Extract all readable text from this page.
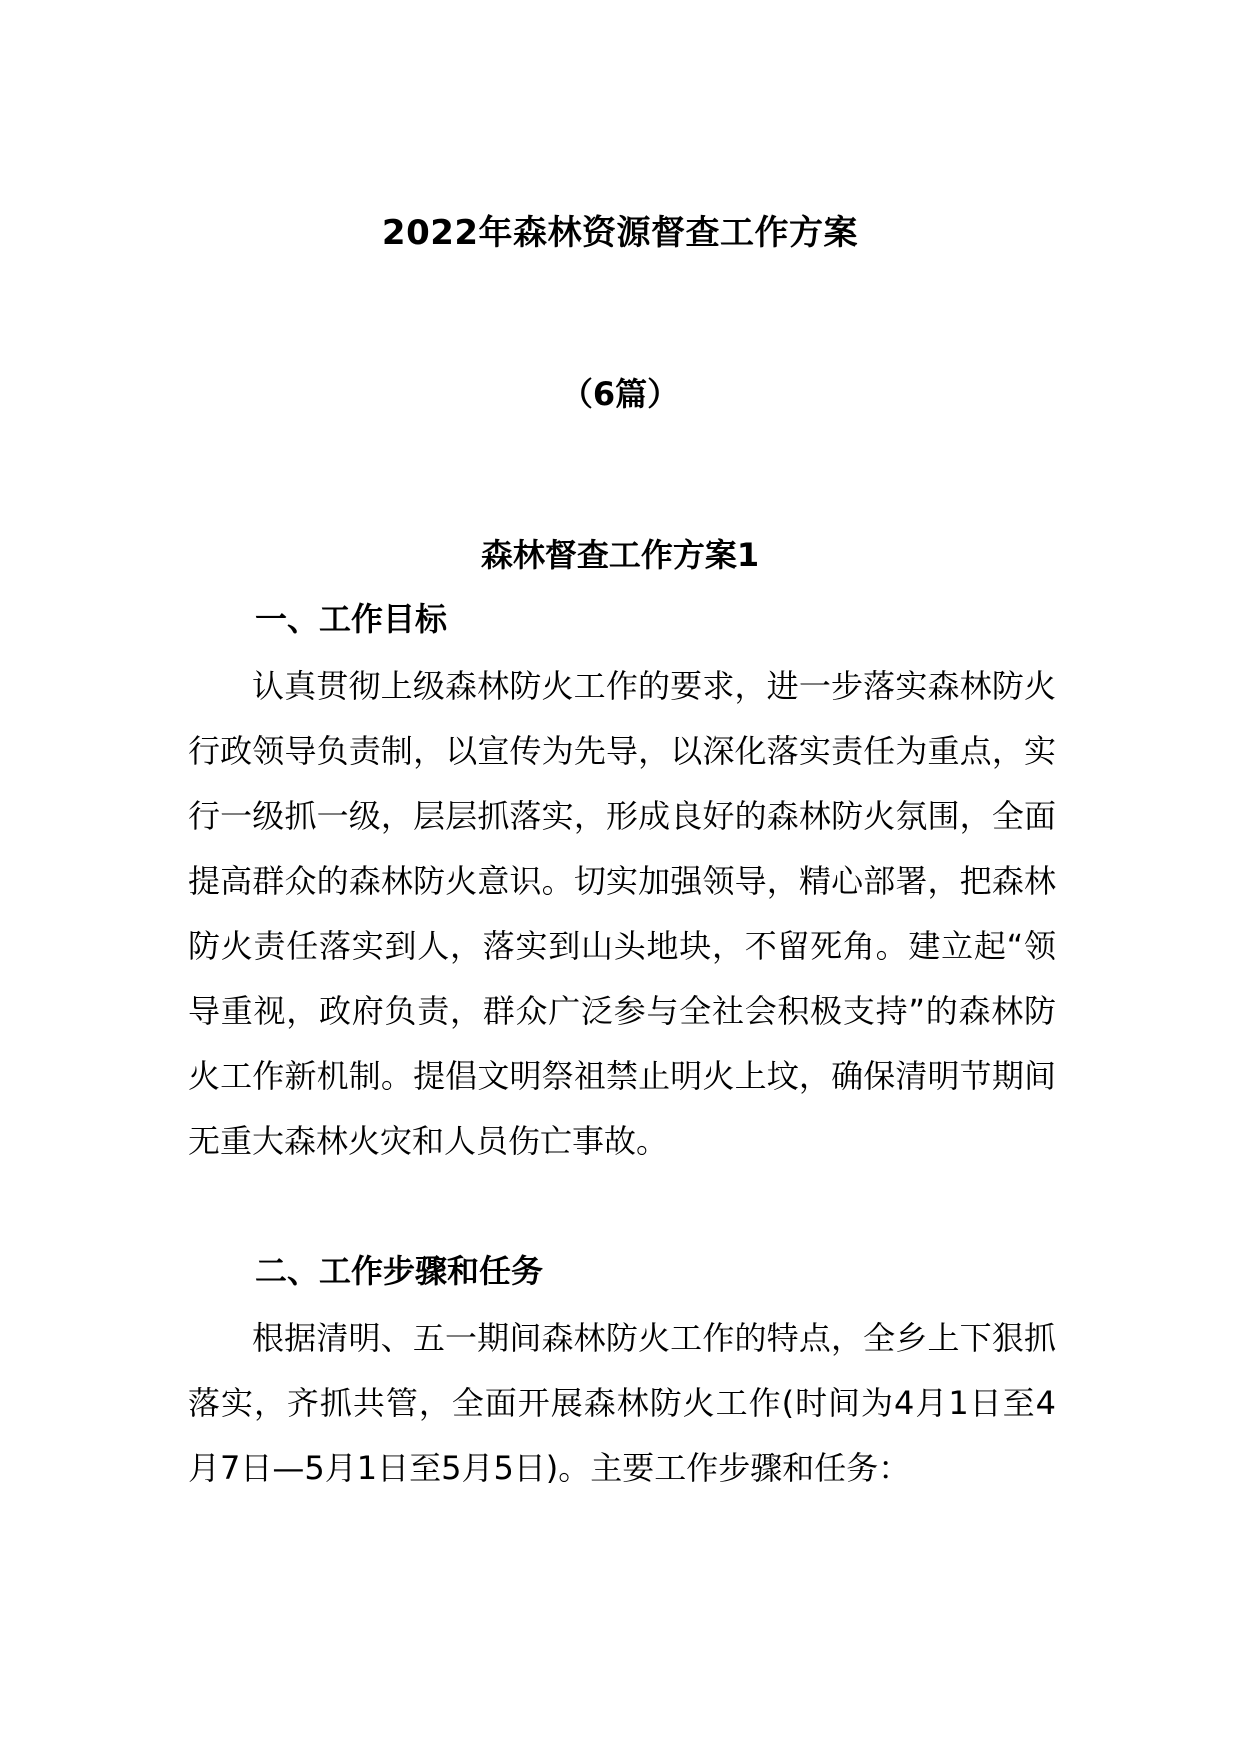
2022年森林资源督查工作方案
（6篇）
森林督查工作方案1
一、工作目标

认真贯彻上级森林防火工作的要求，进一步落实森林防火行政领导负责制，以宣传为先导，以深化落实责任为重点，实行一级抓一级，层层抓落实，形成良好的森林防火氛围，全面提高群众的森林防火意识。切实加强领导，精心部署，把森林防火责任落实到人，落实到山头地块，不留死角。建立起“领导重视，政府负责，群众广泛参与全社会积极支持”的森林防火工作新机制。提倡文明祭祖禁止明火上坟，确保清明节期间无重大森林火灾和人员伤亡事故。

二、工作步骤和任务

根据清明、五一期间森林防火工作的特点，全乡上下狠抓落实，齐抓共管，全面开展森林防火工作(时间为4月1日至4月7日—5月1日至5月5日)。主要工作步骤和任务：
